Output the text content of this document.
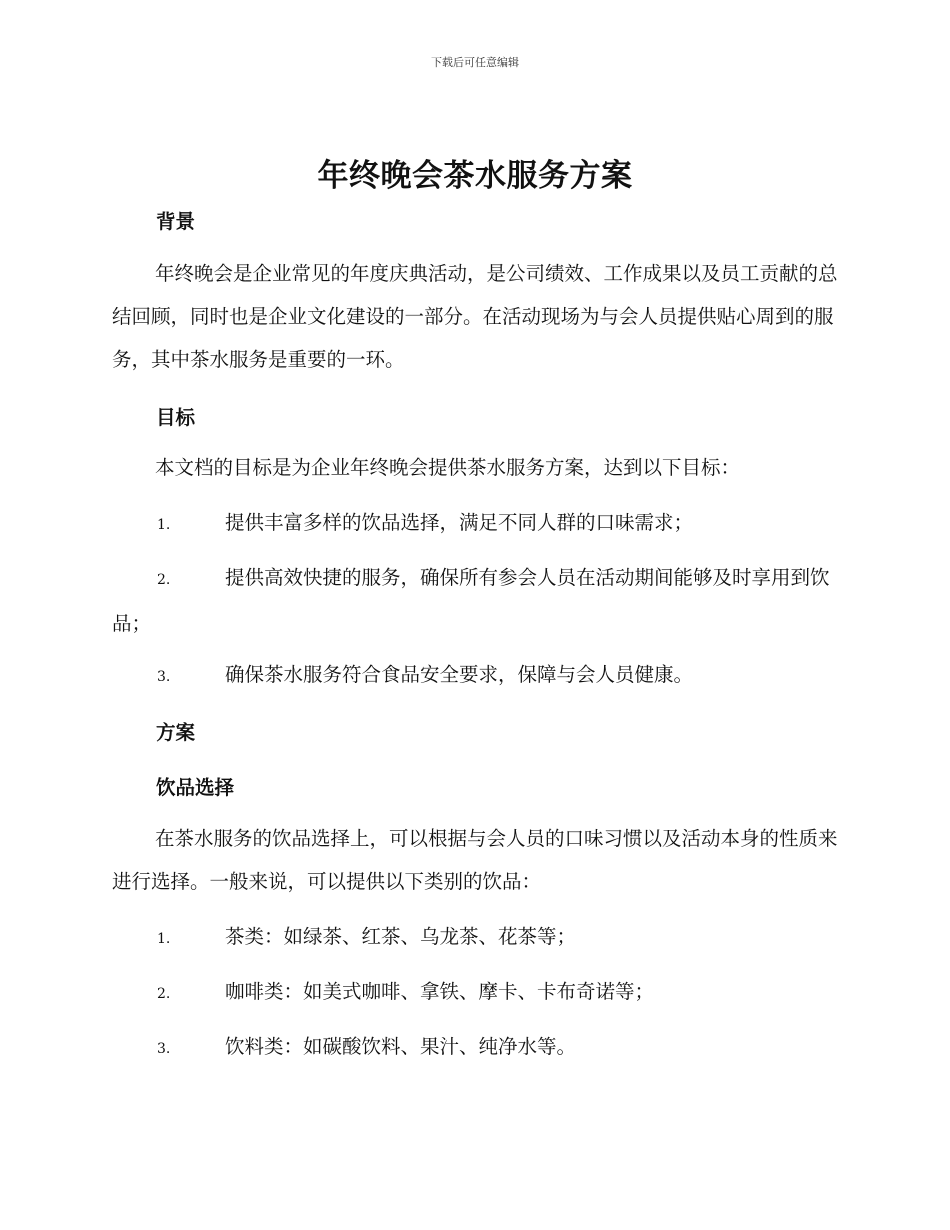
下载后可任意编辑
年终晚会茶水服务方案
背景

年终晚会是企业常见的年度庆典活动，是公司绩效、工作成果以及员工贡献的总结回顾，同时也是企业文化建设的一部分。在活动现场为与会人员提供贴心周到的服务，其中茶水服务是重要的一环。

目标

本文档的目标是为企业年终晚会提供茶水服务方案，达到以下目标：

1.	提供丰富多样的饮品选择，满足不同人群的口味需求；

2.	提供高效快捷的服务，确保所有参会人员在活动期间能够及时享用到饮品；

3.	确保茶水服务符合食品安全要求，保障与会人员健康。

方案
饮品选择

在茶水服务的饮品选择上，可以根据与会人员的口味习惯以及活动本身的性质来进行选择。一般来说，可以提供以下类别的饮品：

1.	茶类：如绿茶、红茶、乌龙茶、花茶等；

2.	咖啡类：如美式咖啡、拿铁、摩卡、卡布奇诺等；

3.	饮料类：如碳酸饮料、果汁、纯净水等。
